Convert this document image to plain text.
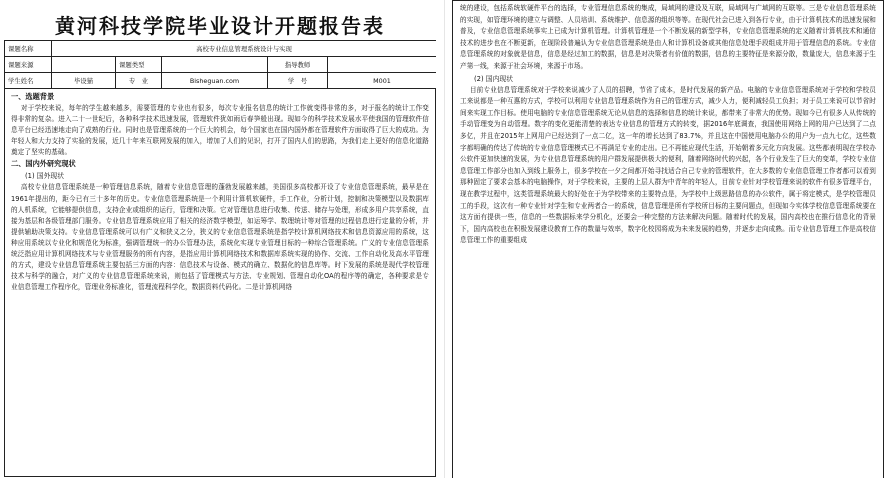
黄河科技学院毕业设计开题报告表
课题名称	高校专业信息管理系统设计与实现				
课题来源		课题类型		指导教师	
学生姓名	毕设猫	专　业	Bisheguan.com	学　号	M001

一、选题背景

对于学校来说，每年的学生越来越多，需要管理的专业也有很多，每次专业报名信息的统计工作就变得非常的多，对于报名的统计工作变得非常的复杂。进入二十一世纪后，各种科学技术迅速发展，管理软件犹如雨后春笋般出现。现如今的科学技术发展水平使我国的管理软件信息平台已经迅速地走向了成熟的行业。同时也是管理系统的一个巨大的机会，每个国家也在国内国外都在管理软件方面取得了巨大的成功。为年轻人和大力支持了实验的发展，近几十年来互联网发展的加入，增加了人们的见识，打开了国内人们的思路，为我们走上更好的信息化道路奠定了坚实的基础。

二、国内外研究现状

(1) 国外现状

高校专业信息管理系统是一种管理信息系统，随着专业信息管理的蓬勃发展越来越，美国很多高校都开设了专业信息管理系统，最早是在1961年提出的，距今已有三十多年的历史。专业信息管理系统是一个利用计算机软硬件，手工作业，分析计划，控制和决策模型以及数据库的人机系统，它能够提供信息，支持企业或组织的运行，管理和决策。它对管理信息进行收集、传送、储存与处理，形成多用户共享系统，直接为基层和各级管理部门服务。专业信息管理系统应用了相关的经济数学模型，如运筹学、数理统计等对管理的过程信息进行定量的分析，并提供辅助决策支持。专业信息管理系统可以有广义和狭义之分，狭义的专业信息管理系统是指学校计算机网络技术和信息资源应用的系统，这种应用系统以专业化和规范化为标准，强调管理统一的办公管理办法，系统化实现专业管理目标的一种综合管理系统。广义的专业信息管理系统泛指应用计算机网络技术与专业管理服务的所有内容，是指应用计算机网络技术和数据库系统实现的协作、交流、工作自动化及高水平管理的方式，建设专业信息管理系统主要包括三方面的内容：信息技术与设备、模式的确立、数据化的信息库等。时下发展的系统是现代学校管理技术与科学的融合，对广义的专业信息管理系统来说，则包括了管理模式与方法、专业规划、管理自动化OA的程序等的确定，各种要求是专业信息管理工作程序化，管理业务标准化，管理流程科学化，数据资料代码化。二是计算机网络

统的建设，包括系统软硬件平台的选择，专业管理信息系统的集成，局域网的建设及互联，局域网与广域网的互联等。三是专业信息管理系统的实现，如管理环境的建立与调整、人员培训、系统维护、信息源的组织等等。在现代社会已进入到各行专业，由于计算机技术的迅速发展和普及，专业信息管理系统事实上已成为计算机管理。计算机管理是一个不断发展的新型学科，专业信息管理系统的定义随着计算机技术和通信技术的进步也在不断更新，在现阶段普遍认为专业信息管理系统是由人和计算机设备或其他信息处理手段组成并用于管理信息的系统。专业信息管理系统的对象就是信息，信息是经过加工的数据，信息是对决策者有价值的数据，信息的主要特征是来源分散，数量庞大，信息来源于生产第一线，来源于社会环境，来源于市场。

(2) 国内现状

目前专业信息管理系统对于学校来说减少了人员的招聘，节省了成本，是时代发展的新产品。电脑的专业信息管理系统对于学校和学校员工来说都是一种互惠的方式，学校可以利用专业信息管理系统作为自己的管理方式，减少人力，便利减轻员工负担；对于员工来说可以节省时间来实现工作目标。使用电脑的专业信息管理系统无论从信息的选择和信息的统计来说，都带来了非常大的优势。现如今已有很多人从传统的手动管理变为自动管理。数字的变化更能清楚的表达专业信息的管理方式的转变，据2016年底调查，我国使用网络上网的用户已达到了二点多亿，并且在2015年上网用户已经达到了一点二亿，这一年的增长达到了83.7%，并且这在中国使用电脑办公的用户为一点九七亿，这些数字都明确的传达了传统的专业信息管理模式已不再满足专业的走出。已不再能应现代生活，开始朝着多元化方向发展。这些都表明现在学校办公软件更加快速的发展，为专业信息管理系统的用户群发展提供极大的便利，随着网络时代的兴起，各个行业发生了巨大的变革，学校专业信息管理工作部分也加入到线上服务上，很多学校在一夕之间都开始寻找适合自己专业的管理软件，在大多数的专业信息管理工作者都可以看到那种固定了要求会基本的电脑操作，对于学校来说，主要的上层人群为中青年的年轻人，目前专业针对学校管理来说的软件有很多管理平台，现在教学过程中，这类管理系统最大的好处在于为学校带来的主要特点是，为学校中上级思路信息的办公软件，属于将定模式，是学校管理员工的手段，这次有一种专业针对学生和专业两者合一的系统，信息管理是所有学校所目标的主要问题点，但现如今实体学校信息管理系统要在这方面有提供一些，信息的一些数据标来学分机化，还要会一种完整的方法来解决问题。随着时代的发展，国内高校也在推行信息化的背景下，国内高校也在积极发展建设教育工作的数量与效率，数字化校园将成为未来发展的趋势，并逐步走向成熟。而专业信息管理工作是高校信息管理工作的重要组成
